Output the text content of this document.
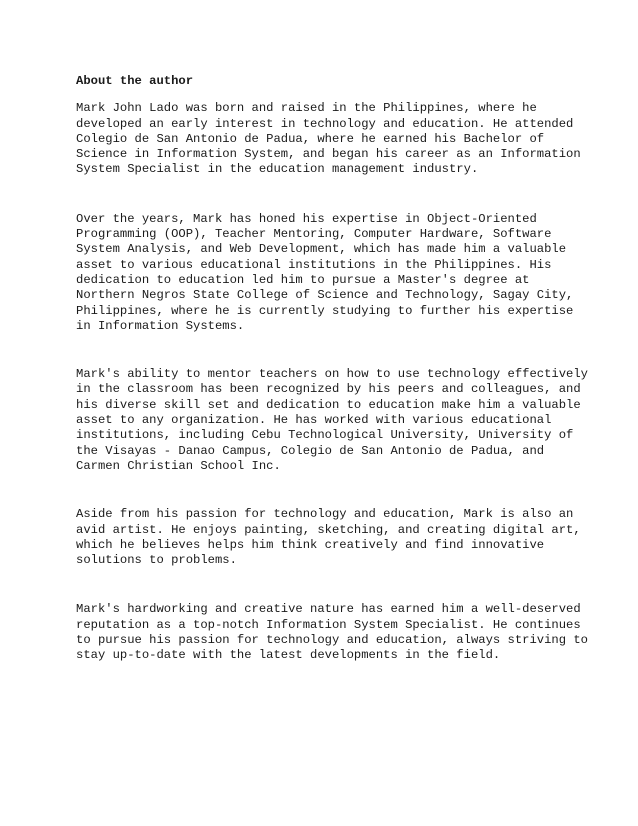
About the author

Mark John Lado was born and raised in the Philippines, where he
developed an early interest in technology and education. He attended
Colegio de San Antonio de Padua, where he earned his Bachelor of
Science in Information System, and began his career as an Information
System Specialist in the education management industry.

Over the years, Mark has honed his expertise in Object-Oriented
Programming (OOP), Teacher Mentoring, Computer Hardware, Software
System Analysis, and Web Development, which has made him a valuable
asset to various educational institutions in the Philippines. His
dedication to education led him to pursue a Master's degree at
Northern Negros State College of Science and Technology, Sagay City,
Philippines, where he is currently studying to further his expertise
in Information Systems.

Mark's ability to mentor teachers on how to use technology effectively
in the classroom has been recognized by his peers and colleagues, and
his diverse skill set and dedication to education make him a valuable
asset to any organization. He has worked with various educational
institutions, including Cebu Technological University, University of
the Visayas - Danao Campus, Colegio de San Antonio de Padua, and
Carmen Christian School Inc.

Aside from his passion for technology and education, Mark is also an
avid artist. He enjoys painting, sketching, and creating digital art,
which he believes helps him think creatively and find innovative
solutions to problems.

Mark's hardworking and creative nature has earned him a well-deserved
reputation as a top-notch Information System Specialist. He continues
to pursue his passion for technology and education, always striving to
stay up-to-date with the latest developments in the field.
